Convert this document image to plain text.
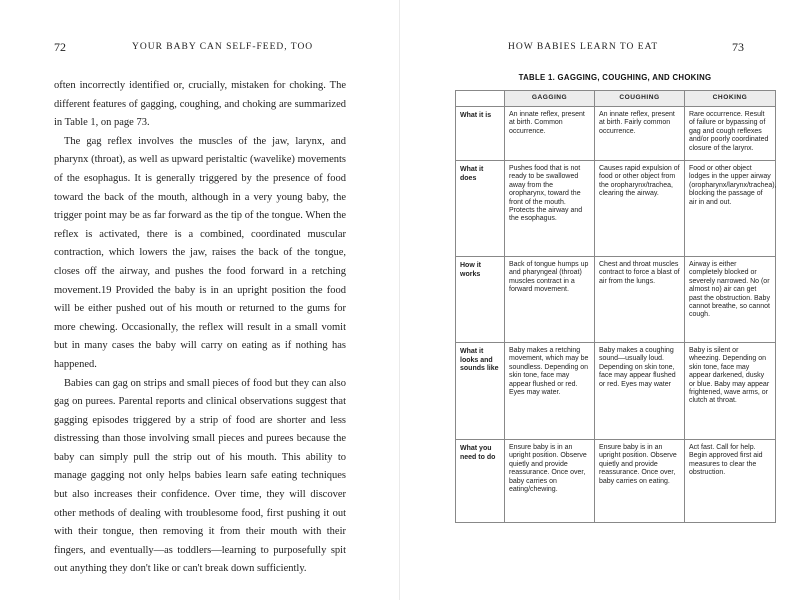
72	YOUR BABY CAN SELF-FEED, TOO

often incorrectly identified or, crucially, mistaken for choking. The different features of gagging, coughing, and choking are summarized in Table 1, on page 73.

The gag reflex involves the muscles of the jaw, larynx, and pharynx (throat), as well as upward peristaltic (wavelike) movements of the esophagus. It is generally triggered by the presence of food toward the back of the mouth, although in a very young baby, the trigger point may be as far forward as the tip of the tongue. When the reflex is activated, there is a combined, coordinated muscular contraction, which lowers the jaw, raises the back of the tongue, closes off the airway, and pushes the food forward in a retching movement.19 Provided the baby is in an upright position the food will be either pushed out of his mouth or returned to the gums for more chewing. Occasionally, the reflex will result in a small vomit but in many cases the baby will carry on eating as if nothing has happened.

Babies can gag on strips and small pieces of food but they can also gag on purees. Parental reports and clinical observations suggest that gagging episodes triggered by a strip of food are shorter and less distressing than those involving small pieces and purees because the baby can simply pull the strip out of his mouth. This ability to manage gagging not only helps babies learn safe eating techniques but also increases their confidence. Over time, they will discover other methods of dealing with troublesome food, first pushing it out with their tongue, then removing it from their mouth with their fingers, and eventually—as toddlers—learning to purposefully spit out anything they don't like or can't break down sufficiently.

HOW BABIES LEARN TO EAT	73
TABLE 1. GAGGING, COUGHING, AND CHOKING
	GAGGING	COUGHING	CHOKING
What it is	An innate reflex, present at birth. Common occurrence.	An innate reflex, present at birth. Fairly common occurrence.	Rare occurrence. Result of failure or bypassing of gag and cough reflexes and/or poorly coordinated closure of the larynx.
What it does	Pushes food that is not ready to be swallowed away from the oropharynx, toward the front of the mouth. Protects the airway and the esophagus.	Causes rapid expulsion of food or other object from the oropharynx/trachea, clearing the airway.	Food or other object lodges in the upper airway (oropharynx/larynx/trachea), blocking the passage of air in and out.
How it works	Back of tongue humps up and pharyngeal (throat) muscles contract in a forward movement.	Chest and throat muscles contract to force a blast of air from the lungs.	Airway is either completely blocked or severely narrowed. No (or almost no) air can get past the obstruction. Baby cannot breathe, so cannot cough.
What it looks and sounds like	Baby makes a retching movement, which may be soundless. Depending on skin tone, face may appear flushed or red. Eyes may water.	Baby makes a coughing sound—usually loud. Depending on skin tone, face may appear flushed or red. Eyes may water	Baby is silent or wheezing. Depending on skin tone, face may appear darkened, dusky or blue. Baby may appear frightened, wave arms, or clutch at throat.
What you need to do	Ensure baby is in an upright position. Observe quietly and provide reassurance. Once over, baby carries on eating/chewing.	Ensure baby is in an upright position. Observe quietly and provide reassurance. Once over, baby carries on eating.	Act fast. Call for help. Begin approved first aid measures to clear the obstruction.
